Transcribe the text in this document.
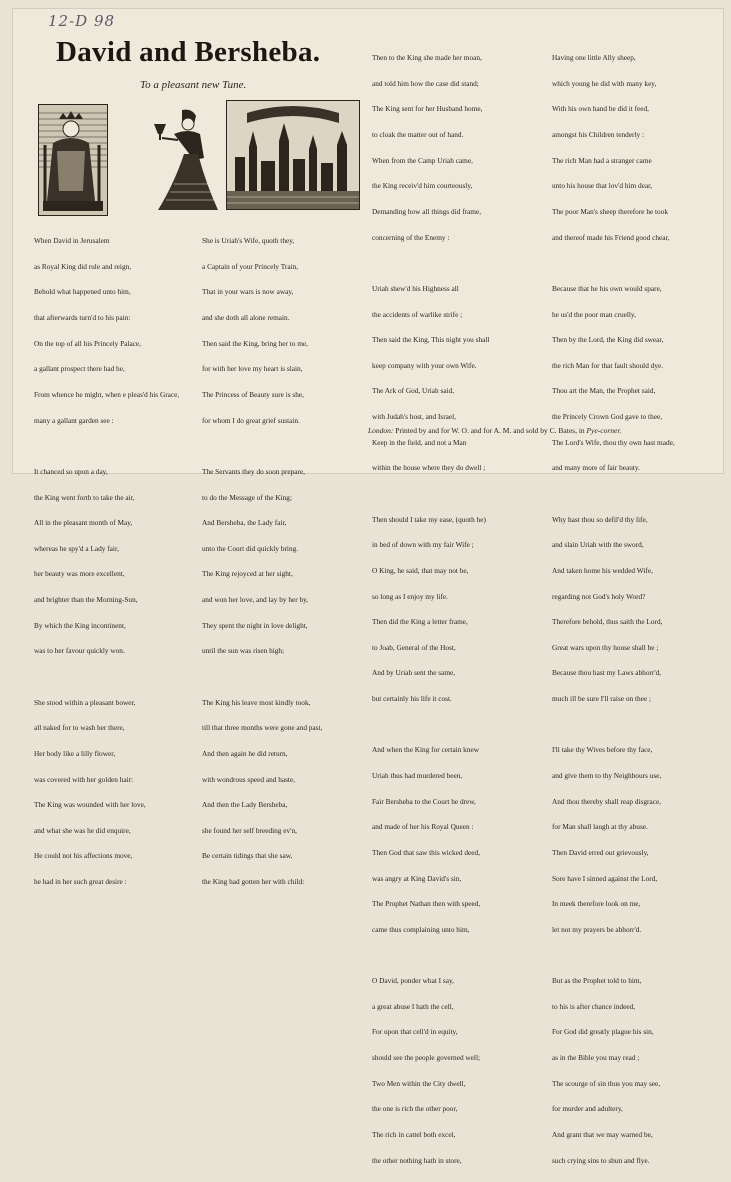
12-D 98
David and Bersheba.
To a pleasant new Tune.

When David in Jerusalem

as Royal King did rule and reign,

Behold what happened unto him,

that afterwards turn'd to his pain:

On the top of all his Princely Palace,

a gallant prospect there had he,

From whence he might, when e pleas'd his Grace,

many a gallant garden see :

It chanced so upon a day,

the King went forth to take the air,

All in the pleasant month of May,

whereas he spy'd a Lady fair,

her beauty was more excellent,

and brighter than the Morning-Sun,

By which the King incontinent,

was to her favour quickly won.

She stood within a pleasant bower,

all naked for to wash her there,

Her body like a lilly flower,

was covered with her golden hair:

The King was wounded with her love,

and what she was he did enquire,

He could not his affections move,

he had in her such great desire :

She is Uriah's Wife, quoth they,

a Captain of your Princely Train,

That in your wars is now away,

and she doth all alone remain.

Then said the King, bring her to me,

for with her love my heart is slain,

The Princess of Beauty sure is she,

for whom I do great grief sustain.

The Servants they do soon prepare,

to do the Message of the King;

And Bersheba, the Lady fair,

unto the Court did quickly bring.

The King rejoyced at her sight,

and won her love, and lay by her by,

They spent the night in love delight,

until the sun was risen high;

The King his leave most kindly took,

till that three months were gone and past,

And then again he did return,

with wondrous speed and haste,

And then the Lady Bersheba,

she found her self breeding ev'n,

Be certain tidings that she saw,

the King had gotten her with child:

Then to the King she made her moan,

and told him how the case did stand;

The King sent for her Husband home,

to cloak the matter out of hand.

When from the Camp Uriah came,

the King receiv'd him courteously,

Demanding how all things did frame,

concerning of the Enemy :

Uriah shew'd his Highness all

the accidents of warlike strife ;

Then said the King, This night you shall

keep company with your own Wife.

The Ark of God, Uriah said,

with Judah's host, and Israel,

Keep in the field, and not a Man

within the house where they do dwell ;

Then should I take my ease, (quoth he)

in bed of down with my fair Wife ;

O King, he said, that may not be,

so long as I enjoy my life.

Then did the King a letter frame,

to Joab, General of the Host,

And by Uriah sent the same,

but certainly his life it cost.

And when the King for certain knew

Uriah thus had murdered been,

Fair Bersheba to the Court he drew,

and made of her his Royal Queen :

Then God that saw this wicked deed,

was angry at King David's sin,

The Prophet Nathan then with speed,

came thus complaining unto him,

O David, ponder what I say,

a great abuse I hath the cell,

For upon that cell'd in equity,

should see the people governed well;

Two Men within the City dwell,

the one is rich the other poor,

The rich in cattel both excel,

the other nothing hath in store,

Having one little Ally sheep,

which young he did with many key,

With his own hand he did it feed,

amongst his Children tenderly :

The rich Man had a stranger came

unto his house that lov'd him dear,

The poor Man's sheep therefore he took

and thereof made his Friend good chear,

Because that he his own would spare,

he us'd the poor man cruelly,

Then by the Lord, the King did swear,

the rich Man for that fault should dye.

Thou art the Man, the Prophet said,

the Princely Crown God gave to thee,

The Lord's Wife, thou thy own hast made,

and many more of fair beauty.

Why hast thou so defil'd thy life,

and slain Uriah with the sword,

And taken home his wedded Wife,

regarding not God's holy Word?

Therefore behold, thus saith the Lord,

Great wars upon thy house shall be ;

Because thou hast my Laws abhorr'd,

much ill be sure I'll raise on thee ;

I'll take thy Wives before thy face,

and give them to thy Neighbours use,

And thou thereby shall reap disgrace,

for Man shall laugh at thy abuse.

Then David erred out grievously,

Sore have I sinned against the Lord,

In meek therefore look on me,

let not my prayers be abhorr'd.

But as the Prophet told to him,

to his is after chance indeed,

For God did greatly plague his sin,

as in the Bible you may read ;

The scourge of sin thus you may see,

for murder and adultery,

And grant that we may warned be,

such crying sins to shun and flye.

London: Printed by and for W. O. and for A. M. and sold by C. Bates, in Pye-corner.
